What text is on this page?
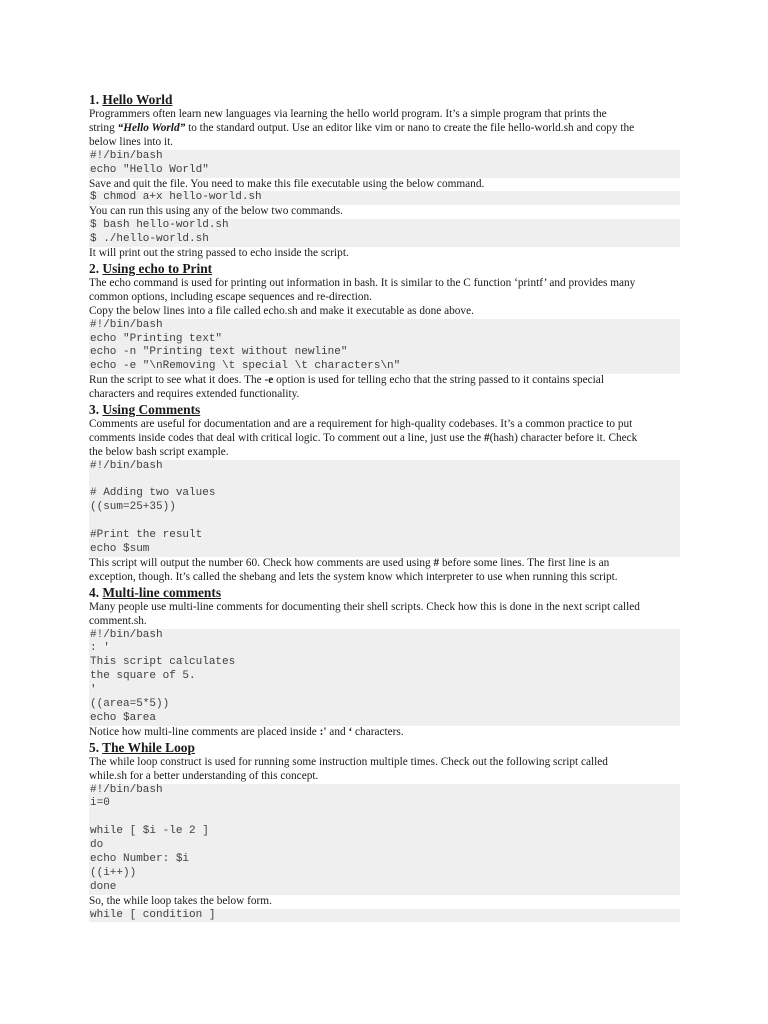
1. Hello World

Programmers often learn new languages via learning the hello world program. It’s a simple program that prints the
string “Hello World” to the standard output. Use an editor like vim or nano to create the file hello-world.sh and copy the
below lines into it.

#!/bin/bash
echo "Hello World"

Save and quit the file. You need to make this file executable using the below command.

$ chmod a+x hello-world.sh

You can run this using any of the below two commands.

$ bash hello-world.sh
$ ./hello-world.sh

It will print out the string passed to echo inside the script.

2. Using echo to Print

The echo command is used for printing out information in bash. It is similar to the C function ‘printf’ and provides many
common options, including escape sequences and re-direction.
Copy the below lines into a file called echo.sh and make it executable as done above.

#!/bin/bash
echo "Printing text"
echo -n "Printing text without newline"
echo -e "\nRemoving \t special \t characters\n"

Run the script to see what it does. The -e option is used for telling echo that the string passed to it contains special
characters and requires extended functionality.

3. Using Comments

Comments are useful for documentation and are a requirement for high-quality codebases. It’s a common practice to put
comments inside codes that deal with critical logic. To comment out a line, just use the #(hash) character before it. Check
the below bash script example.

#!/bin/bash
# Adding two values
((sum=25+35))
#Print the result
echo $sum

This script will output the number 60. Check how comments are used using # before some lines. The first line is an
exception, though. It’s called the shebang and lets the system know which interpreter to use when running this script.

4. Multi-line comments

Many people use multi-line comments for documenting their shell scripts. Check how this is done in the next script called
comment.sh.

#!/bin/bash
: '
This script calculates
the square of 5.
'
((area=5*5))
echo $area

Notice how multi-line comments are placed inside :' and ‘ characters.

5. The While Loop

The while loop construct is used for running some instruction multiple times. Check out the following script called
while.sh for a better understanding of this concept.

#!/bin/bash
i=0
while [ $i -le 2 ]
do
echo Number: $i
((i++))
done

So, the while loop takes the below form.

while [ condition ]
